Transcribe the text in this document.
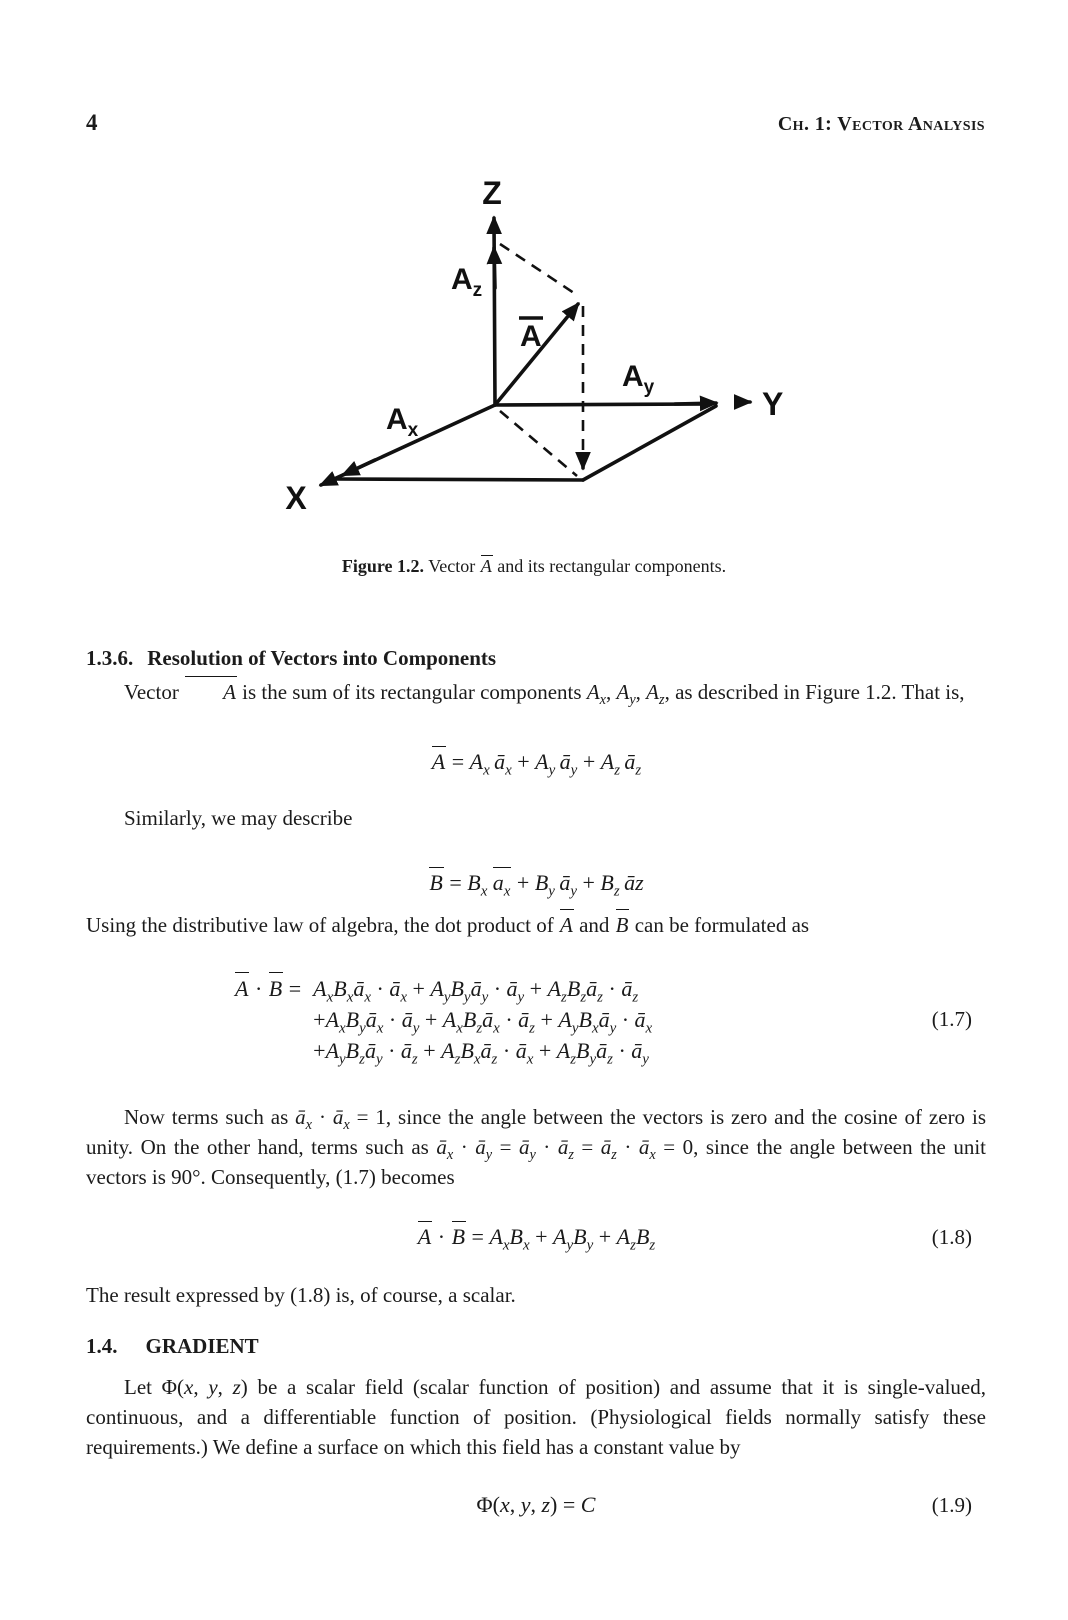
4	Ch. 1: Vector Analysis
Z
Y
X
A
$A_z$
$A_y$
$A_x$
Figure 1.2. Vector A and its rectangular components.
1.3.6. Resolution of Vectors into Components

Vector A is the sum of its rectangular components $A_x$, $A_y$, $A_z$, as described in Figure 1.2. That is,

$A = A_x$  $ā_x + A_y$  $ā_y + A_z$  $ā_z$

Similarly, we may describe

$B = B_x$  $a_x + B_y$  $ā_y + B_z$  āz

Using the distributive law of algebra, the dot product of A and B can be formulated as

$A \cdot B = A_xB_xā_x$ · $ā_x$ + $A_yB_yā_y$ · $ā_y$ + $A_zB_zā_z$ · $ā_z$
$+A_xB_yā_x$ · $ā_y$ + $A_xB_zā_x$ · $ā_z$ + $A_yB_xā_y$ · $ā_x$
$+A_yB_zā_y$ · $ā_z$ + $A_zB_xā_z$ · $ā_x$ + $A_zB_yā_z$ · $ā_y$
(1.7)

Now terms such as $ā_x$ · $ā_x = 1$, since the angle between the vectors is zero and the cosine of zero is unity. On the other hand, terms such as $ā_x$ · $ā_y$ = $ā_y$ · $ā_z$ = $ā_z$ · $ā_x = 0$, since the angle between the unit vectors is 90°. Consequently, (1.7) becomes

$A \cdot B = A_xB_x + A_yB_y + A_zB_z$	(1.8)

The result expressed by (1.8) is, of course, a scalar.

1.4. GRADIENT

Let Φ(x, y, z) be a scalar field (scalar function of position) and assume that it is single-valued, continuous, and a differentiable function of position. (Physiological fields normally satisfy these requirements.) We define a surface on which this field has a constant value by

Φ(x, y, z) = C	(1.9)
